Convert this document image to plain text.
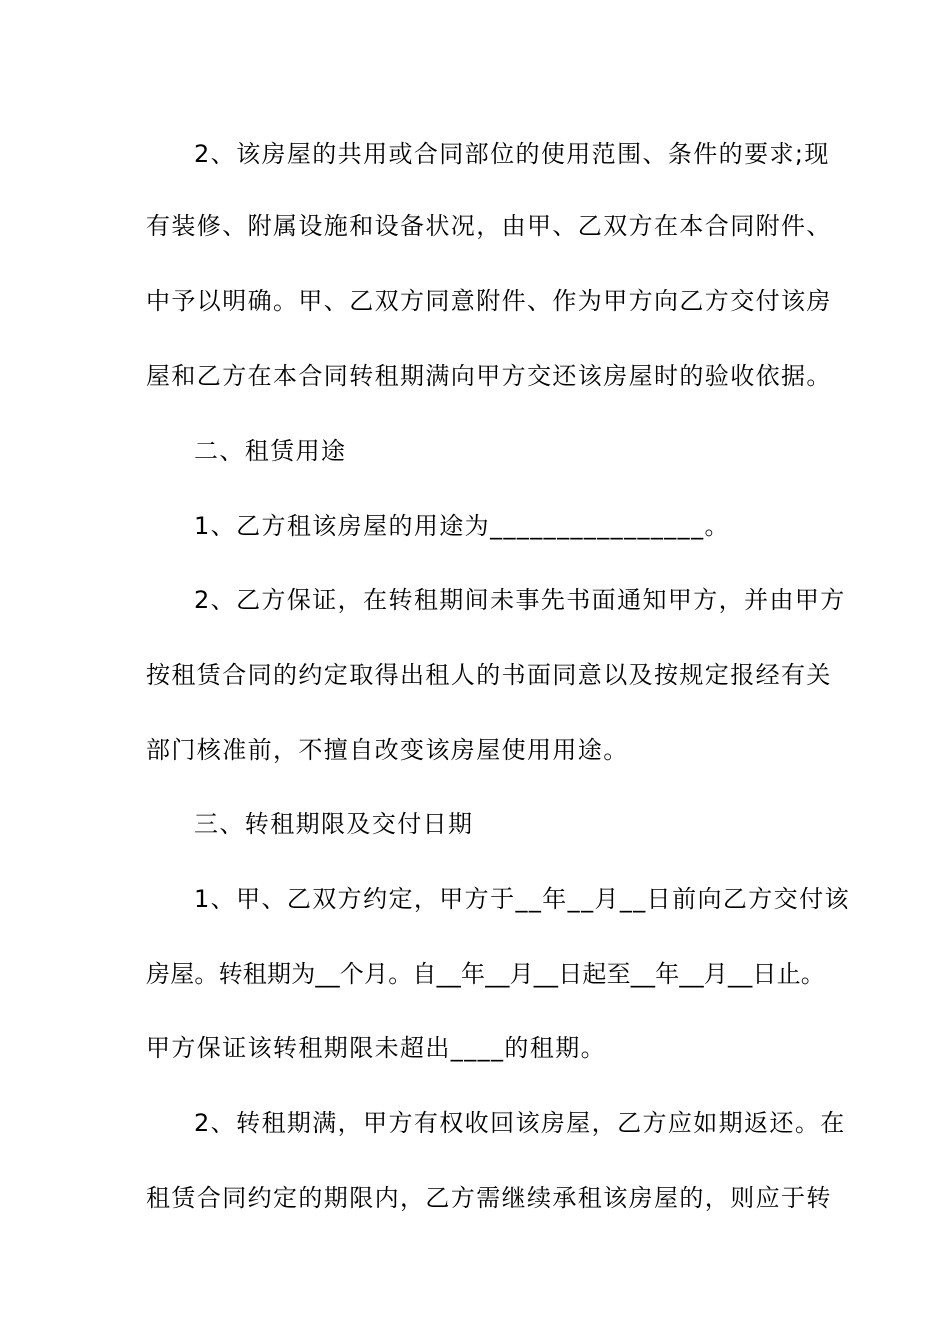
2、该房屋的共用或合同部位的使用范围、条件的要求;现

有装修、附属设施和设备状况，由甲、乙双方在本合同附件、

中予以明确。甲、乙双方同意附件、作为甲方向乙方交付该房

屋和乙方在本合同转租期满向甲方交还该房屋时的验收依据。

二、租赁用途

1、乙方租该房屋的用途为________________。

2、乙方保证，在转租期间未事先书面通知甲方，并由甲方

按租赁合同的约定取得出租人的书面同意以及按规定报经有关

部门核准前，不擅自改变该房屋使用用途。

三、转租期限及交付日期

1、甲、乙双方约定，甲方于__年__月__日前向乙方交付该

房屋。转租期为__个月。自__年__月__日起至__年__月__日止。

甲方保证该转租期限未超出____的租期。

2、转租期满，甲方有权收回该房屋，乙方应如期返还。在

租赁合同约定的期限内，乙方需继续承租该房屋的，则应于转
